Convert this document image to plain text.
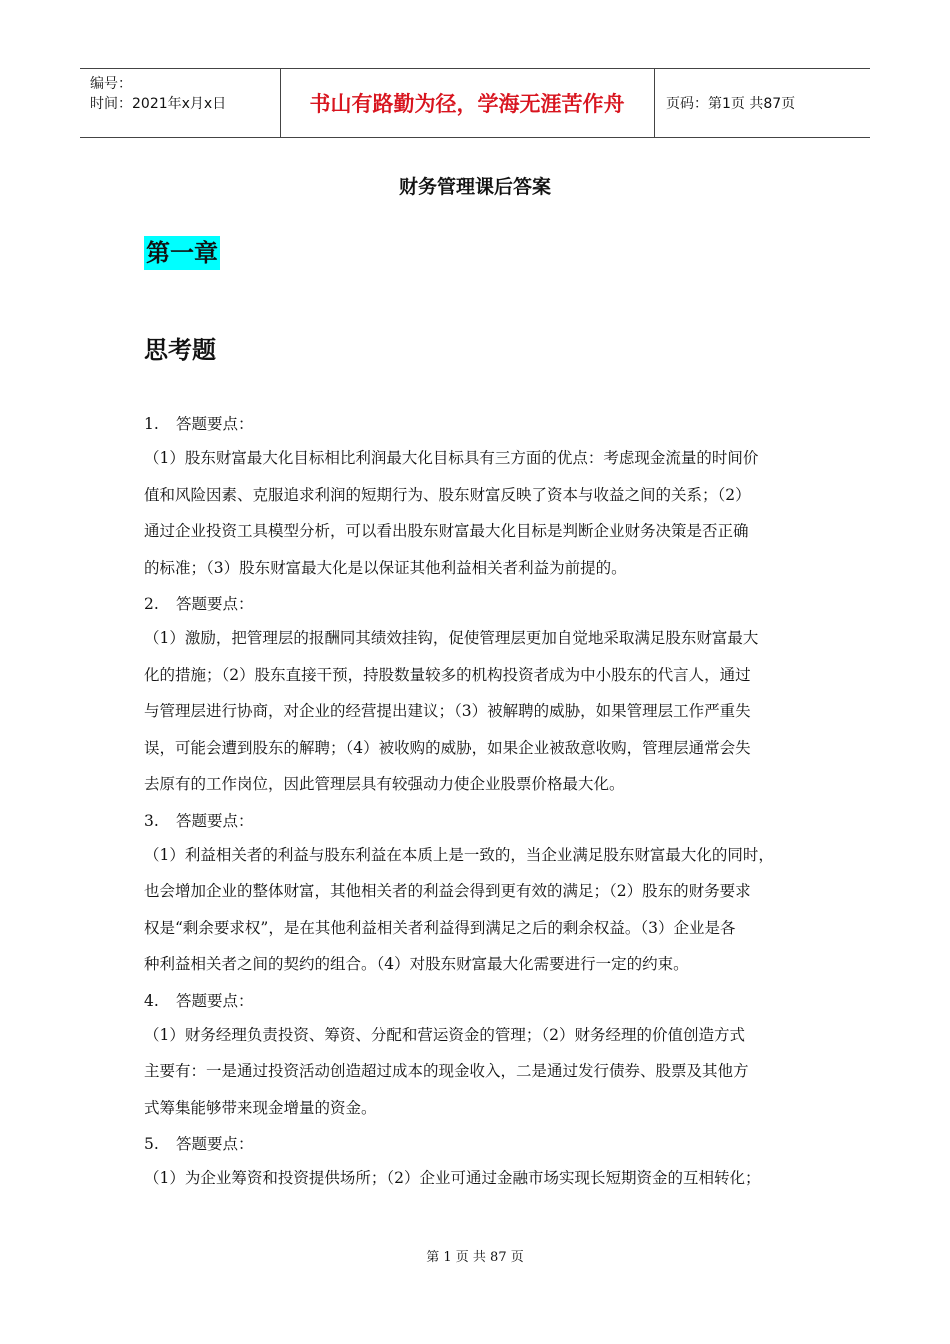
编号：
时间：2021年x月x日	书山有路勤为径，学海无涯苦作舟	页码：第1页 共87页
财务管理课后答案
第一章
思考题
1. 答题要点：
（1）股东财富最大化目标相比利润最大化目标具有三方面的优点：考虑现金流量的时间价
值和风险因素、克服追求利润的短期行为、股东财富反映了资本与收益之间的关系；（2）
通过企业投资工具模型分析，可以看出股东财富最大化目标是判断企业财务决策是否正确
的标准；（3）股东财富最大化是以保证其他利益相关者利益为前提的。
2. 答题要点：
（1）激励，把管理层的报酬同其绩效挂钩，促使管理层更加自觉地采取满足股东财富最大
化的措施；（2）股东直接干预，持股数量较多的机构投资者成为中小股东的代言人，通过
与管理层进行协商，对企业的经营提出建议；（3）被解聘的威胁，如果管理层工作严重失
误，可能会遭到股东的解聘；（4）被收购的威胁，如果企业被敌意收购，管理层通常会失
去原有的工作岗位，因此管理层具有较强动力使企业股票价格最大化。
3. 答题要点：
（1）利益相关者的利益与股东利益在本质上是一致的，当企业满足股东财富最大化的同时，
也会增加企业的整体财富，其他相关者的利益会得到更有效的满足；（2）股东的财务要求
权是“剩余要求权”，是在其他利益相关者利益得到满足之后的剩余权益。（3）企业是各
种利益相关者之间的契约的组合。（4）对股东财富最大化需要进行一定的约束。
4. 答题要点：
（1）财务经理负责投资、筹资、分配和营运资金的管理；（2）财务经理的价值创造方式
主要有：一是通过投资活动创造超过成本的现金收入，二是通过发行债券、股票及其他方
式筹集能够带来现金增量的资金。
5. 答题要点：
（1）为企业筹资和投资提供场所；（2）企业可通过金融市场实现长短期资金的互相转化；
第 1 页 共 87 页
